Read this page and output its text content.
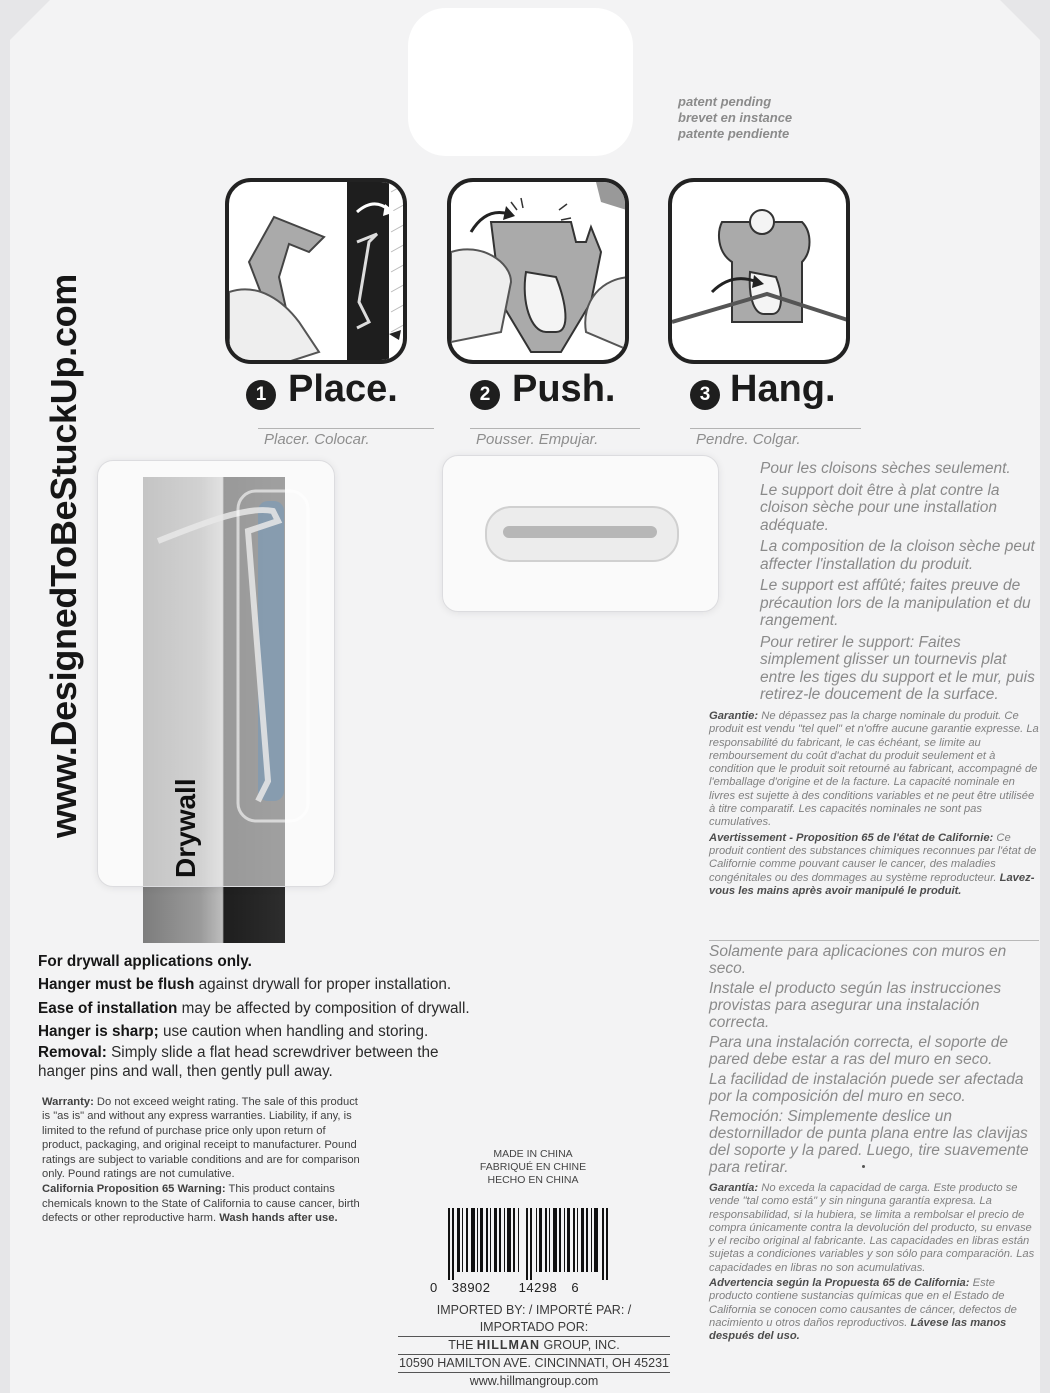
patent pending
brevet en instance
patente pendiente
www.DesignedToBeStuckUp.com	1 Place.
Placer. Colocar.
2 Push.
Pousser. Empujar.
3 Hang.
Pendre. Colgar.
Drywall

Pour les cloisons sèches seulement.

Le support doit être à plat contre la cloison sèche pour une installation adéquate.

La composition de la cloison sèche peut affecter l'installation du produit.

Le support est affûté; faites preuve de précaution lors de la manipulation et du rangement.

Pour retirer le support: Faites simplement glisser un tournevis plat entre les tiges du support et le mur, puis retirez-le doucement de la surface.

Garantie: Ne dépassez pas la charge nominale du produit. Ce produit est vendu "tel quel" et n'offre aucune garantie expresse. La responsabilité du fabricant, le cas échéant, se limite au remboursement du coût d'achat du produit seulement et à condition que le produit soit retourné au fabricant, accompagné de l'emballage d'origine et de la facture. La capacité nominale en livres est sujette à des conditions variables et ne peut être utilisée à titre comparatif. Les capacités nominales ne sont pas cumulatives.

Avertissement - Proposition 65 de l'état de Californie: Ce produit contient des substances chimiques reconnues par l'état de Californie comme pouvant causer le cancer, des maladies congénitales ou des dommages au système reproducteur. Lavez-vous les mains après avoir manipulé le produit.

Solamente para aplicaciones con muros en seco.

Instale el producto según las instrucciones provistas para asegurar una instalación correcta.

Para una instalación correcta, el soporte de pared debe estar a ras del muro en seco.

La facilidad de instalación puede ser afectada por la composición del muro en seco.

Remoción: Simplemente deslice un destornillador de punta plana entre las clavijas del soporte y la pared. Luego, tire suavemente para retirar.

Garantía: No exceda la capacidad de carga. Este producto se vende "tal como está" y sin ninguna garantía expresa. La responsabilidad, si la hubiera, se limita a rembolsar el precio de compra únicamente contra la devolución del producto, su envase y el recibo original al fabricante. Las capacidades en libras están sujetas a condiciones variables y son sólo para comparación. Las capacidades en libras no son acumulativas.

Advertencia según la Propuesta 65 de California: Este producto contiene sustancias químicas que en el Estado de California se conocen como causantes de cáncer, defectos de nacimiento u otros daños reproductivos. Lávese las manos después del uso.

For drywall applications only.

Hanger must be flush against drywall for proper installation.

Ease of installation may be affected by composition of drywall.

Hanger is sharp; use caution when handling and storing.

Removal: Simply slide a flat head screwdriver between the hanger pins and wall, then gently pull away.

Warranty: Do not exceed weight rating. The sale of this product is "as is" and without any express warranties. Liability, if any, is limited to the refund of purchase price only upon return of product, packaging, and original receipt to manufacturer. Pound ratings are subject to variable conditions and are for comparison only. Pound ratings are not cumulative.

California Proposition 65 Warning: This product contains chemicals known to the State of California to cause cancer, birth defects or other reproductive harm. Wash hands after use.

MADE IN CHINA
FABRIQUÉ EN CHINE
HECHO EN CHINA
0 38902 14298 6
IMPORTED BY: / IMPORTÉ PAR: / IMPORTADO POR:
THE HILLMAN GROUP, INC.
10590 HAMILTON AVE. CINCINNATI, OH 45231
www.hillmangroup.com
